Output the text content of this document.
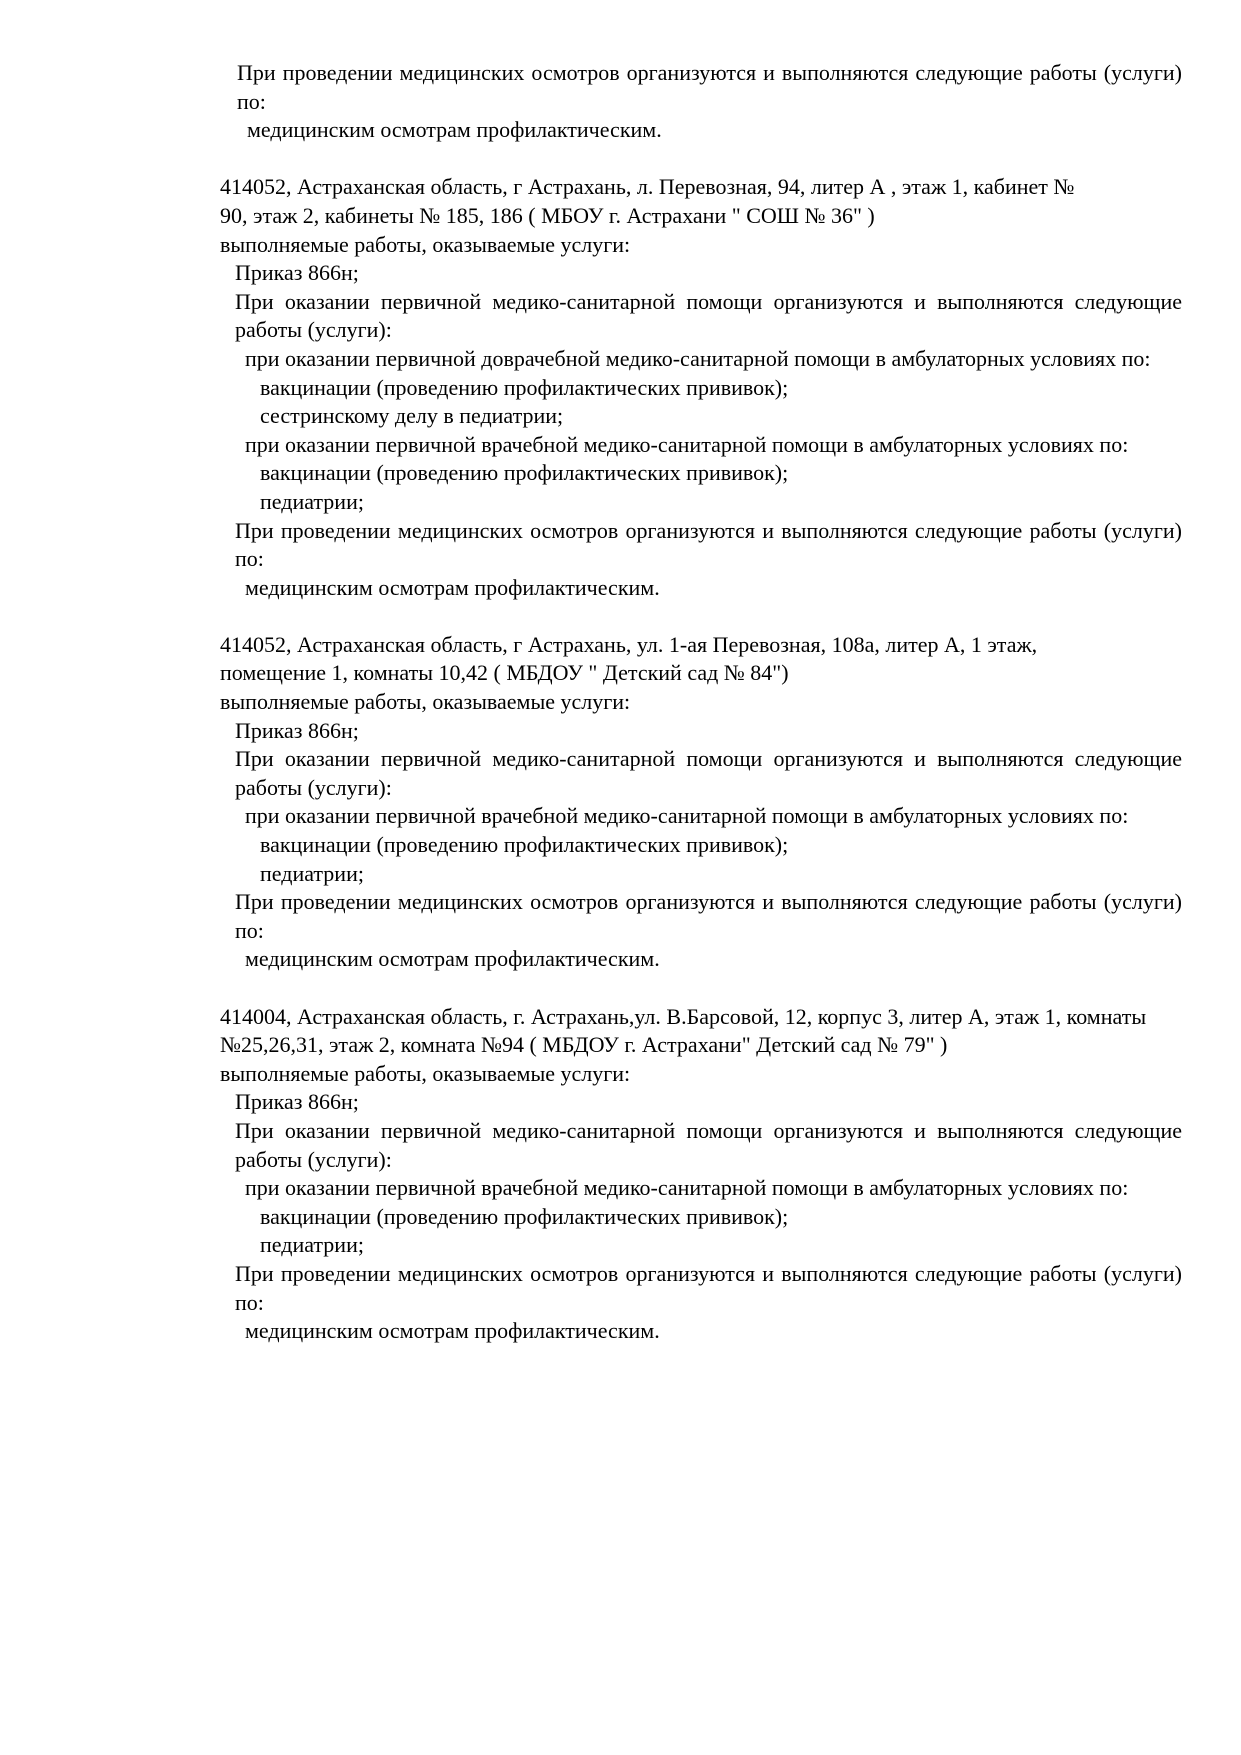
При проведении медицинских осмотров организуются и выполняются следующие работы (услуги) по:

медицинским осмотрам профилактическим.

414052, Астраханская область, г Астрахань, л. Перевозная, 94, литер А , этаж 1, кабинет № 90, этаж 2, кабинеты № 185, 186 ( МБОУ г. Астрахани " СОШ № 36" )

выполняемые работы, оказываемые услуги:

Приказ 866н;

При оказании первичной медико-санитарной помощи организуются и выполняются следующие работы (услуги):

при оказании первичной доврачебной медико-санитарной помощи в амбулаторных условиях по:

вакцинации (проведению профилактических прививок);

сестринскому делу в педиатрии;

при оказании первичной врачебной медико-санитарной помощи в амбулаторных условиях по:

вакцинации (проведению профилактических прививок);

педиатрии;

При проведении медицинских осмотров организуются и выполняются следующие работы (услуги) по:

медицинским осмотрам профилактическим.

414052, Астраханская область, г Астрахань, ул. 1-ая Перевозная, 108а, литер А, 1 этаж, помещение 1, комнаты 10,42 ( МБДОУ " Детский сад № 84")

выполняемые работы, оказываемые услуги:

Приказ 866н;

При оказании первичной медико-санитарной помощи организуются и выполняются следующие работы (услуги):

при оказании первичной врачебной медико-санитарной помощи в амбулаторных условиях по:

вакцинации (проведению профилактических прививок);

педиатрии;

При проведении медицинских осмотров организуются и выполняются следующие работы (услуги) по:

медицинским осмотрам профилактическим.

414004, Астраханская область, г. Астрахань,ул. В.Барсовой, 12, корпус 3, литер А, этаж 1, комнаты №25,26,31, этаж 2, комната №94 ( МБДОУ г. Астрахани" Детский сад № 79" )

выполняемые работы, оказываемые услуги:

Приказ 866н;

При оказании первичной медико-санитарной помощи организуются и выполняются следующие работы (услуги):

при оказании первичной врачебной медико-санитарной помощи в амбулаторных условиях по:

вакцинации (проведению профилактических прививок);

педиатрии;

При проведении медицинских осмотров организуются и выполняются следующие работы (услуги) по:

медицинским осмотрам профилактическим.
